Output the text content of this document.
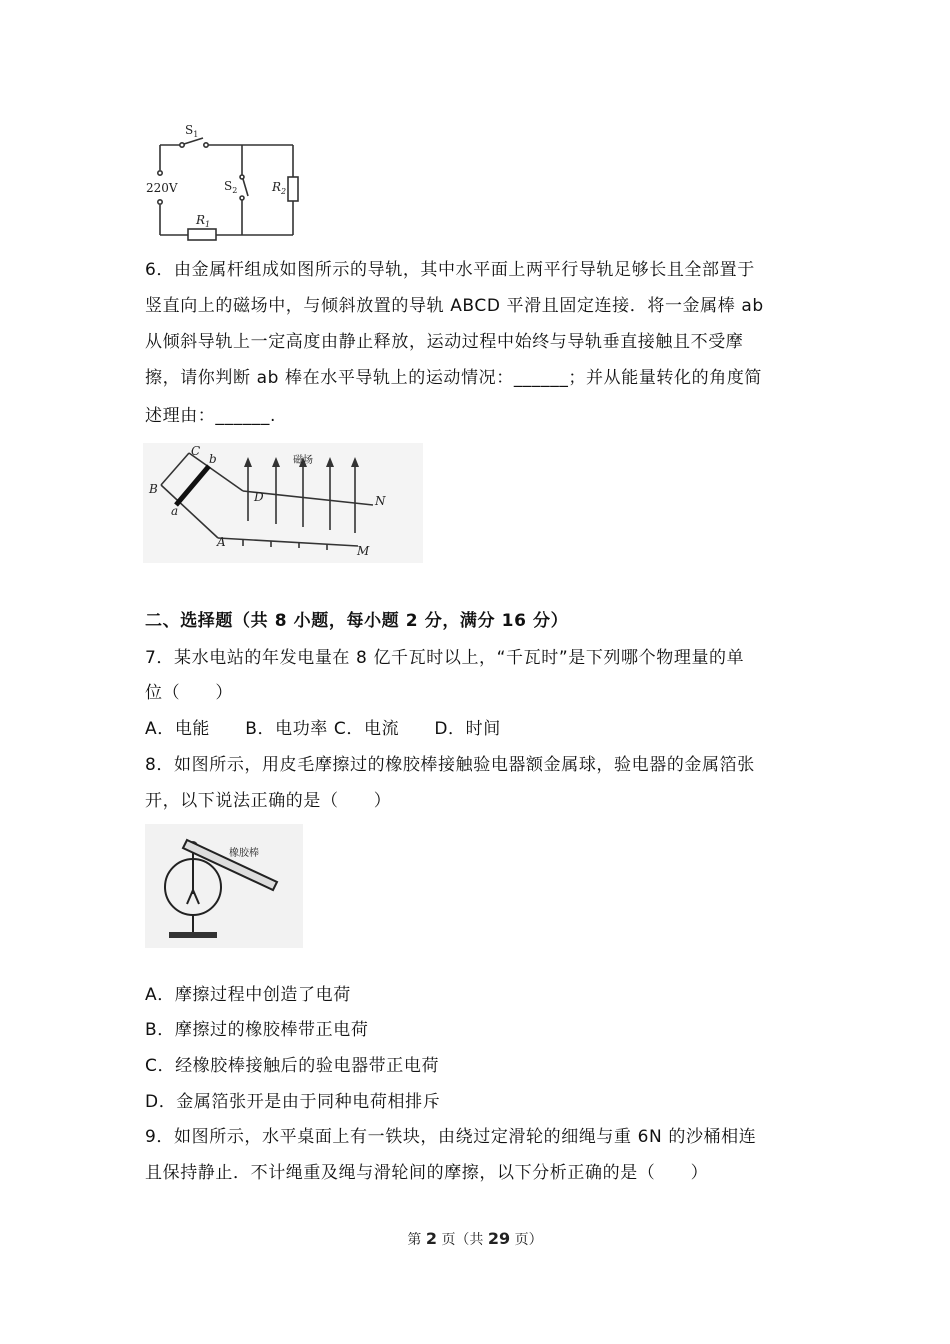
$S_1$
220V	$S_2$	$R_2$
$R_1$
6．由金属杆组成如图所示的导轨，其中水平面上两平行导轨足够长且全部置于
竖直向上的磁场中，与倾斜放置的导轨 ABCD 平滑且固定连接．将一金属棒 ab
从倾斜导轨上一定高度由静止释放，运动过程中始终与导轨垂直接触且不受摩
擦，请你判断 ab 棒在水平导轨上的运动情况：______；并从能量转化的角度简
述理由：______.
C
b
B
a
D	N
A
M
磁场
二、选择题（共 8 小题，每小题 2 分，满分 16 分）
7．某水电站的年发电量在 8 亿千瓦时以上，“千瓦时”是下列哪个物理量的单
位（　　）
A．电能　　B．电功率 C．电流　　D．时间
8．如图所示，用皮毛摩擦过的橡胶棒接触验电器额金属球，验电器的金属箔张
开，以下说法正确的是（　　）
橡胶棒
A．摩擦过程中创造了电荷
B．摩擦过的橡胶棒带正电荷
C．经橡胶棒接触后的验电器带正电荷
D．金属箔张开是由于同种电荷相排斥
9．如图所示，水平桌面上有一铁块，由绕过定滑轮的细绳与重 6N 的沙桶相连
且保持静止．不计绳重及绳与滑轮间的摩擦，以下分析正确的是（　　）
第 2 页（共 29 页）
